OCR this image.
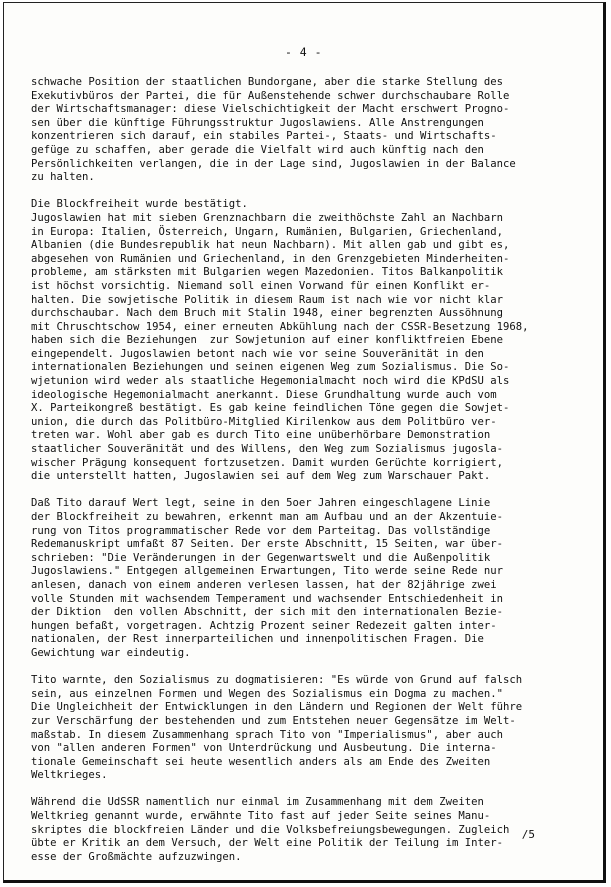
- 4 -
schwache Position der staatlichen Bundorgane, aber die starke Stellung des
Exekutivbüros der Partei, die für Außenstehende schwer durchschaubare Rolle
der Wirtschaftsmanager: diese Vielschichtigkeit der Macht erschwert Progno-
sen über die künftige Führungsstruktur Jugoslawiens. Alle Anstrengungen
konzentrieren sich darauf, ein stabiles Partei-, Staats- und Wirtschafts-
gefüge zu schaffen, aber gerade die Vielfalt wird auch künftig nach den
Persönlichkeiten verlangen, die in der Lage sind, Jugoslawien in der Balance
zu halten.
Die Blockfreiheit wurde bestätigt.
Jugoslawien hat mit sieben Grenznachbarn die zweithöchste Zahl an Nachbarn
in Europa: Italien, Österreich, Ungarn, Rumänien, Bulgarien, Griechenland,
Albanien (die Bundesrepublik hat neun Nachbarn). Mit allen gab und gibt es,
abgesehen von Rumänien und Griechenland, in den Grenzgebieten Minderheiten-
probleme, am stärksten mit Bulgarien wegen Mazedonien. Titos Balkanpolitik
ist höchst vorsichtig. Niemand soll einen Vorwand für einen Konflikt er-
halten. Die sowjetische Politik in diesem Raum ist nach wie vor nicht klar
durchschaubar. Nach dem Bruch mit Stalin 1948, einer begrenzten Aussöhnung
mit Chruschtschow 1954, einer erneuten Abkühlung nach der CSSR-Besetzung 1968,
haben sich die Beziehungen  zur Sowjetunion auf einer konfliktfreien Ebene
eingependelt. Jugoslawien betont nach wie vor seine Souveränität in den
internationalen Beziehungen und seinen eigenen Weg zum Sozialismus. Die So-
wjetunion wird weder als staatliche Hegemonialmacht noch wird die KPdSU als
ideologische Hegemonialmacht anerkannt. Diese Grundhaltung wurde auch vom
X. Parteikongreß bestätigt. Es gab keine feindlichen Töne gegen die Sowjet-
union, die durch das Politbüro-Mitglied Kirilenkow aus dem Politbüro ver-
treten war. Wohl aber gab es durch Tito eine unüberhörbare Demonstration
staatlicher Souveränität und des Willens, den Weg zum Sozialismus jugosla-
wischer Prägung konsequent fortzusetzen. Damit wurden Gerüchte korrigiert,
die unterstellt hatten, Jugoslawien sei auf dem Weg zum Warschauer Pakt.
Daß Tito darauf Wert legt, seine in den 5oer Jahren eingeschlagene Linie
der Blockfreiheit zu bewahren, erkennt man am Aufbau und an der Akzentuie-
rung von Titos programmatischer Rede vor dem Parteitag. Das vollständige
Redemanuskript umfaßt 87 Seiten. Der erste Abschnitt, 15 Seiten, war über-
schrieben: "Die Veränderungen in der Gegenwartswelt und die Außenpolitik
Jugoslawiens." Entgegen allgemeinen Erwartungen, Tito werde seine Rede nur
anlesen, danach von einem anderen verlesen lassen, hat der 82jährige zwei
volle Stunden mit wachsendem Temperament und wachsender Entschiedenheit in
der Diktion  den vollen Abschnitt, der sich mit den internationalen Bezie-
hungen befaßt, vorgetragen. Achtzig Prozent seiner Redezeit galten inter-
nationalen, der Rest innerparteilichen und innenpolitischen Fragen. Die
Gewichtung war eindeutig.
Tito warnte, den Sozialismus zu dogmatisieren: "Es würde von Grund auf falsch
sein, aus einzelnen Formen und Wegen des Sozialismus ein Dogma zu machen."
Die Ungleichheit der Entwicklungen in den Ländern und Regionen der Welt führe
zur Verschärfung der bestehenden und zum Entstehen neuer Gegensätze im Welt-
maßstab. In diesem Zusammenhang sprach Tito von "Imperialismus", aber auch
von "allen anderen Formen" von Unterdrückung und Ausbeutung. Die interna-
tionale Gemeinschaft sei heute wesentlich anders als am Ende des Zweiten
Weltkrieges.
Während die UdSSR namentlich nur einmal im Zusammenhang mit dem Zweiten
Weltkrieg genannt wurde, erwähnte Tito fast auf jeder Seite seines Manu-
skriptes die blockfreien Länder und die Volksbefreiungsbewegungen. Zugleich
übte er Kritik an dem Versuch, der Welt eine Politik der Teilung im Inter-
esse der Großmächte aufzuzwingen.
/5
